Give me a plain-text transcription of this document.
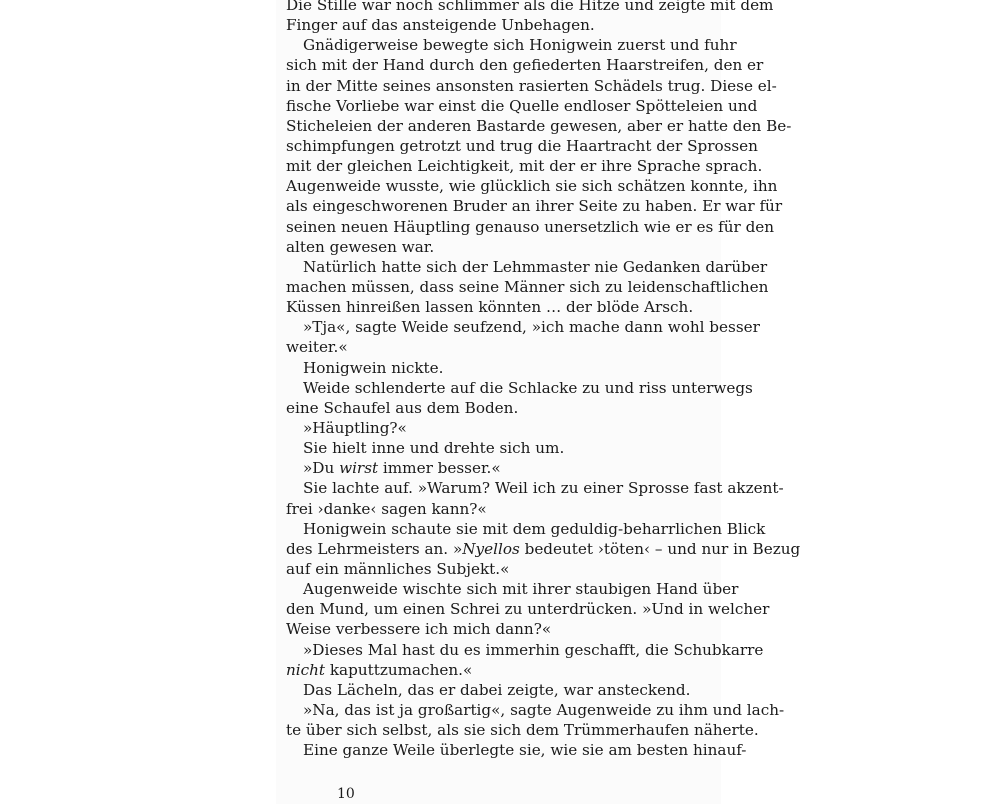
Die Stille war noch schlimmer als die Hitze und zeigte mit dem
Finger auf das ansteigende Unbehagen.
Gnädigerweise bewegte sich Honigwein zuerst und fuhr
sich mit der Hand durch den gefiederten Haarstreifen, den er
in der Mitte seines ansonsten rasierten Schädels trug. Diese el-
fische Vorliebe war einst die Quelle endloser Spötteleien und
Sticheleien der anderen Bastarde gewesen, aber er hatte den Be-
schimpfungen getrotzt und trug die Haartracht der Sprossen
mit der gleichen Leichtigkeit, mit der er ihre Sprache sprach.
Augenweide wusste, wie glücklich sie sich schätzen konnte, ihn
als eingeschworenen Bruder an ihrer Seite zu haben. Er war für
seinen neuen Häuptling genauso unersetzlich wie er es für den
alten gewesen war.
Natürlich hatte sich der Lehmmaster nie Gedanken darüber
machen müssen, dass seine Männer sich zu leidenschaftlichen
Küssen hinreißen lassen könnten … der blöde Arsch.
»Tja«, sagte Weide seufzend, »ich mache dann wohl besser
weiter.«
Honigwein nickte.
Weide schlenderte auf die Schlacke zu und riss unterwegs
eine Schaufel aus dem Boden.
»Häuptling?«
Sie hielt inne und drehte sich um.
»Du wirst immer besser.«
Sie lachte auf. »Warum? Weil ich zu einer Sprosse fast akzent-
frei ›danke‹ sagen kann?«
Honigwein schaute sie mit dem geduldig-beharrlichen Blick
des Lehrmeisters an. »Nyellos bedeutet ›töten‹ – und nur in Bezug
auf ein männliches Subjekt.«
Augenweide wischte sich mit ihrer staubigen Hand über
den Mund, um einen Schrei zu unterdrücken. »Und in welcher
Weise verbessere ich mich dann?«
»Dieses Mal hast du es immerhin geschafft, die Schubkarre
nicht kaputtzumachen.«
Das Lächeln, das er dabei zeigte, war ansteckend.
»Na, das ist ja großartig«, sagte Augenweide zu ihm und lach-
te über sich selbst, als sie sich dem Trümmerhaufen näherte.
Eine ganze Weile überlegte sie, wie sie am besten hinauf-
10
